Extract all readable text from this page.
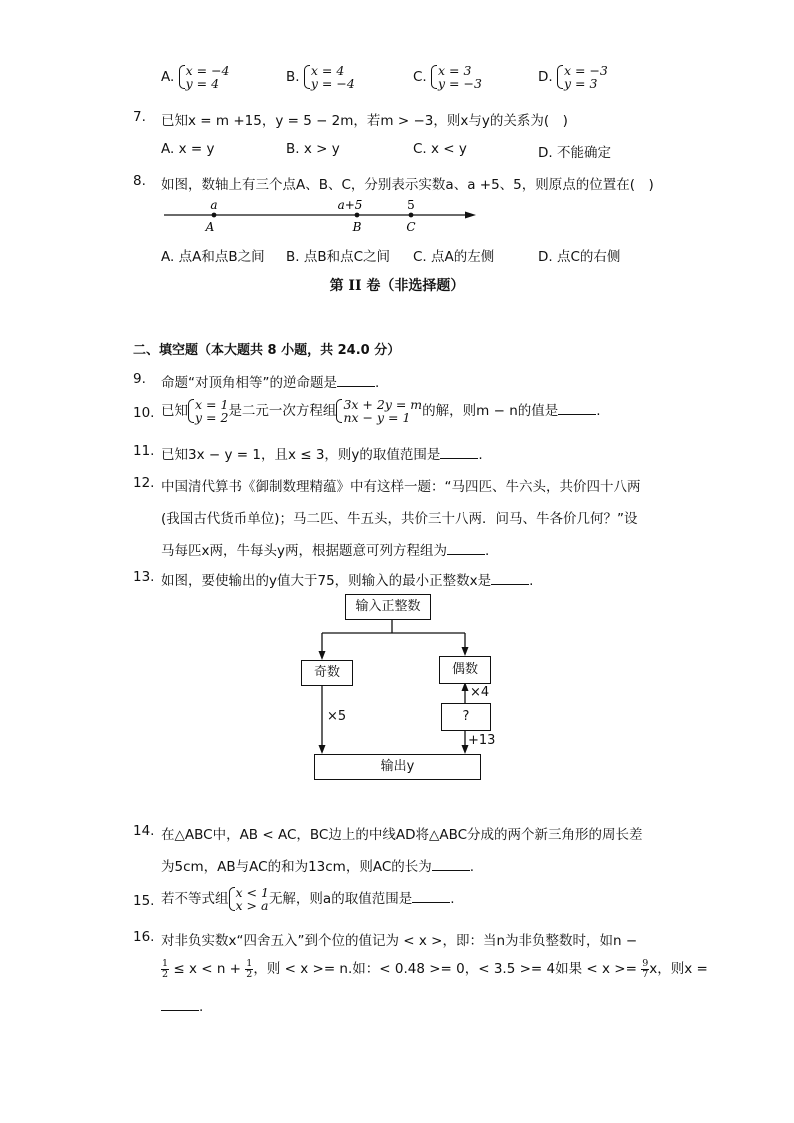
A. x = −4
y = 4	B. x = 4
y = −4	C. x = 3
y = −3	D. x = −3
y = 3
7. 已知x = m +15，y = 5 − 2m，若m > −3，则x与y的关系为(　)
A. x = y	B. x > y	C. x < y	D. 不能确定
8. 如图，数轴上有三个点A、B、C，分别表示实数a、a +5、5，则原点的位置在(　)
a	a+5	5
A	B	C
A. 点A和点B之间 B. 点B和点C之间 C. 点A的左侧	D. 点C的右侧
第 II 卷（非选择题）
二、填空题（本大题共 8 小题，共 24.0 分）
9. 命题“对顶角相等”的逆命题是	.
10. 已知 x = 1
y = 2 是二元一次方程组 3x + 2y = m
nx − y = 1 的解，则m − n的值是	.
11. 已知3x − y = 1，且x ≤ 3，则y的取值范围是	.
12. 中国清代算书《御制数理精蕴》中有这样一题：“马四匹、牛六头，共价四十八两
(我国古代货币单位)；马二匹、牛五头，共价三十八两．问马、牛各价几何？”设
马每匹x两，牛每头y两，根据题意可列方程组为	.
13. 如图，要使输出的y值大于75，则输入的最小正整数x是	.
输入正整数
奇数	偶数
?
输出y
×5
×4
+13
14. 在△ABC中，AB < AC，BC边上的中线AD将△ABC分成的两个新三角形的周长差
为5cm，AB与AC的和为13cm，则AC的长为	.
15. 若不等式组 x < 1
x > a 无解，则a的取值范围是	.
16. 对非负实数x“四舍五入”到个位的值记为 < x >，即：当n为非负整数时，如n −
$\frac{1}{2} \le x < n + \frac{1}{2}$ ，则 < x >= n.如：< 0.48 >= 0，< 3.5 >= 4如果 < $x >= \frac{9}{7}$ x，则x =
.
